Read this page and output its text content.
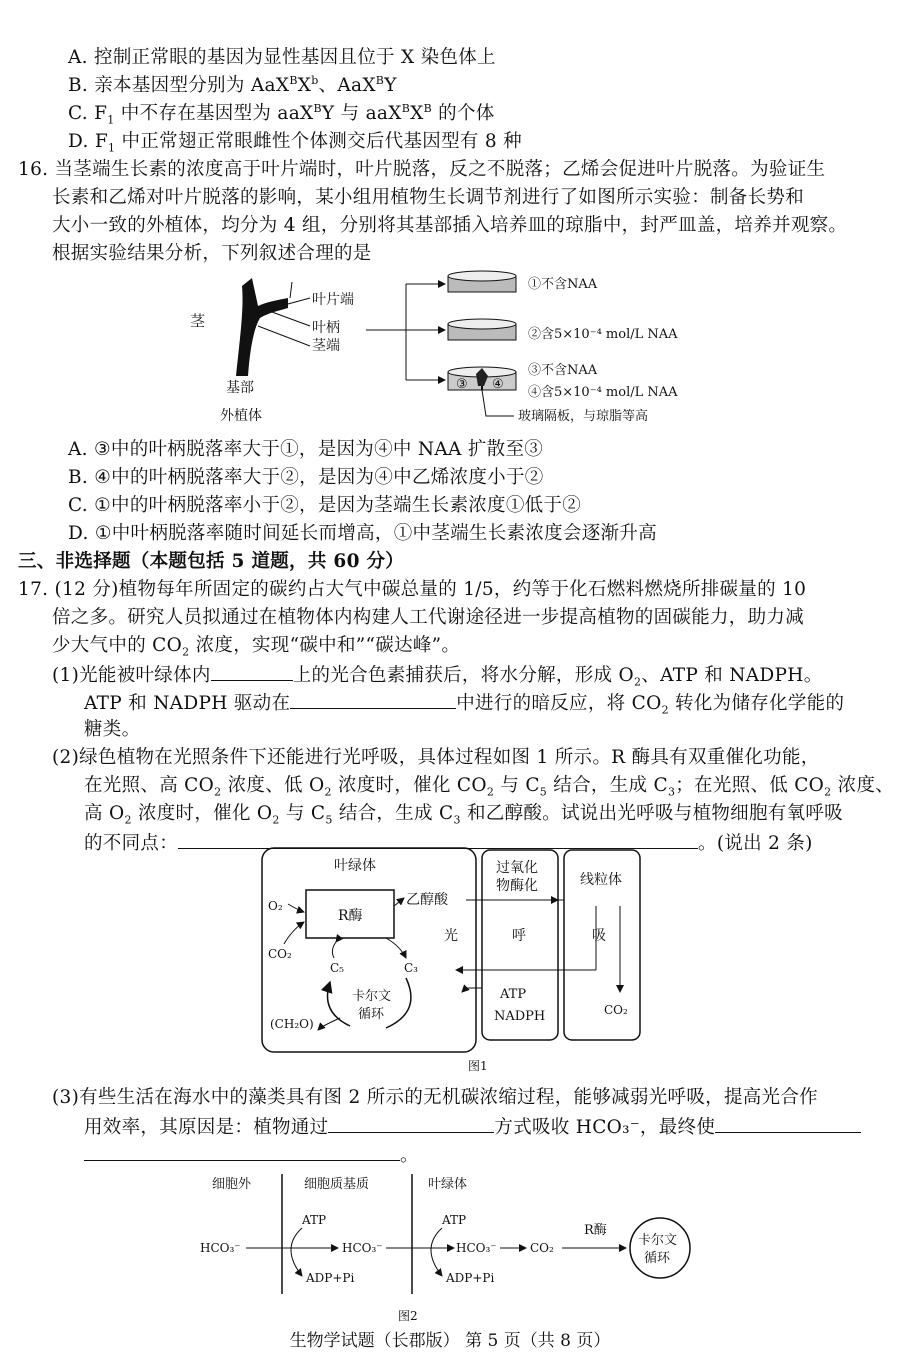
A. 控制正常眼的基因为显性基因且位于 X 染色体上
B. 亲本基因型分别为 $AaX^BX^b$、AaX$^B$Y
C. $F_1$ 中不存在基因型为 aaX$^B$Y 与 $aaX^BX^B$ 的个体
D. $F_1$ 中正常翅正常眼雌性个体测交后代基因型有 8 种
16. 当茎端生长素的浓度高于叶片端时，叶片脱落，反之不脱落；乙烯会促进叶片脱落。为验证生
长素和乙烯对叶片脱落的影响，某小组用植物生长调节剂进行了如图所示实验：制备长势和
大小一致的外植体，均分为 4 组，分别将其基部插入培养皿的琼脂中，封严皿盖，培养并观察。
根据实验结果分析，下列叙述合理的是
茎
叶片端
叶柄
茎端
基部
外植体
①不含NAA
②含5×10⁻⁴ mol/L NAA
③ ④
③不含NAA
④含5×10⁻⁴ mol/L NAA
玻璃隔板，与琼脂等高
A. ③中的叶柄脱落率大于①，是因为④中 NAA 扩散至③
B. ④中的叶柄脱落率大于②，是因为④中乙烯浓度小于②
C. ①中的叶柄脱落率小于②，是因为茎端生长素浓度①低于②
D. ①中叶柄脱落率随时间延长而增高，①中茎端生长素浓度会逐渐升高
三、非选择题（本题包括 5 道题，共 60 分）
17. (12 分)植物每年所固定的碳约占大气中碳总量的 1/5，约等于化石燃料燃烧所排碳量的 10
倍之多。研究人员拟通过在植物体内构建人工代谢途径进一步提高植物的固碳能力，助力减
少大气中的 $CO_2$ 浓度，实现“碳中和”“碳达峰”。
(1)光能被叶绿体内	上的光合色素捕获后，将水分解，形成 $O_2$、ATP 和 NADPH。
ATP 和 NADPH 驱动在	中进行的暗反应，将 $CO_2$ 转化为储存化学能的
糖类。
(2)绿色植物在光照条件下还能进行光呼吸，具体过程如图 1 所示。R 酶具有双重催化功能，
在光照、高 $CO_2$ 浓度、低 $O_2$ 浓度时，催化 $CO_2$ 与 $C_5$ 结合，生成 $C_3$；在光照、低 $CO_2$ 浓度、
高 $O_2$ 浓度时，催化 $O_2$ 与 $C_5$ 结合，生成 $C_3$ 和乙醇酸。试说出光呼吸与植物细胞有氧呼吸
的不同点：	。(说出 2 条)
叶绿体	过氧化
物酶化	线粒体
R酶
O₂
CO₂
乙醇酸
光	呼	吸
C₅	C₃
卡尔文
循环
(CH₂O)
CO₂
ATP
NADPH
图1
(3)有些生活在海水中的藻类具有图 2 所示的无机碳浓缩过程，能够减弱光呼吸，提高光合作
用效率，其原因是：植物通过	方式吸收 HCO₃⁻，最终使
。
细胞外	细胞质基质	叶绿体
HCO₃⁻	HCO₃⁻
ATP
ADP+Pi
HCO₃⁻
ATP
ADP+Pi
CO₂
R酶
卡尔文
循环
图2
生物学试题（长郡版） 第 5 页（共 8 页）
